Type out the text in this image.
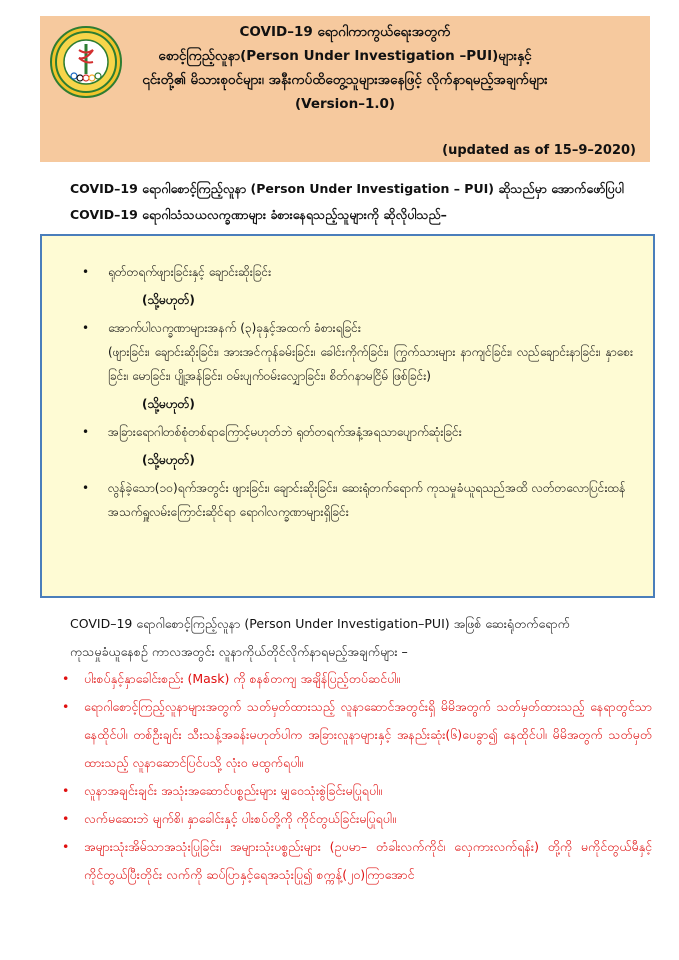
COVID–19 ရောဂါကာကွယ်ရေးအတွက်
စောင့်ကြည့်လူနာ(Person Under Investigation –PUI)များနှင့်
၎င်းတို့၏ မိသားစုဝင်များ၊ အနီးကပ်ထိတွေ့သူများအနေဖြင့် လိုက်နာရမည့်အချက်များ
(Version–1.0)
(updated as of 15–9–2020)
COVID–19 ရောဂါစောင့်ကြည့်လူနာ (Person Under Investigation – PUI) ဆိုသည်မှာ အောက်ဖော်ပြပါ
COVID–19 ရောဂါသံသယလက္ခဏာများ ခံစားနေရသည့်သူများကို ဆိုလိုပါသည်–
• ရုတ်တရက်ဖျားခြင်းနှင့် ချောင်းဆိုးခြင်း
(သို့မဟုတ်)
• အောက်ပါလက္ခဏာများအနက် (၃)ခုနှင့်အထက် ခံစားရခြင်း
(ဖျားခြင်း၊ ချောင်းဆိုးခြင်း၊ အားအင်ကုန်ခမ်းခြင်း၊ ခေါင်းကိုက်ခြင်း၊ ကြွက်သားများ နာကျင်ခြင်း၊ လည်ချောင်းနာခြင်း၊ နှာစေးခြင်း၊ မောခြင်း၊ ပျို့အန်ခြင်း၊ ဝမ်းပျက်ဝမ်းလျှောခြင်း၊ စိတ်ဂနာမငြိမ် ဖြစ်ခြင်း)
(သို့မဟုတ်)
• အခြားရောဂါတစ်စုံတစ်ရာကြောင့်မဟုတ်ဘဲ ရုတ်တရက်အနံ့အရသာပျောက်ဆုံးခြင်း
(သို့မဟုတ်)
• လွန်ခဲ့သော(၁၀)ရက်အတွင်း ဖျားခြင်း၊ ချောင်းဆိုးခြင်း၊ ဆေးရုံတက်ရောက် ကုသမှုခံယူရသည်အထိ လတ်တလောပြင်းထန်အသက်ရှူလမ်းကြောင်းဆိုင်ရာ ရောဂါလက္ခဏာများရှိခြင်း
COVID–19 ရောဂါစောင့်ကြည့်လူနာ (Person Under Investigation–PUI) အဖြစ် ဆေးရုံတက်ရောက်
ကုသမှုခံယူနေစဉ် ကာလအတွင်း လူနာကိုယ်တိုင်လိုက်နာရမည့်အချက်များ –
• ပါးစပ်နှင့်နှာခေါင်းစည်း (Mask) ကို စနစ်တကျ အချိန်ပြည့်တပ်ဆင်ပါ။
• ရောဂါစောင့်ကြည့်လူနာများအတွက် သတ်မှတ်ထားသည့် လူနာဆောင်အတွင်းရှိ မိမိအတွက် သတ်မှတ်ထားသည့် နေရာတွင်သာနေထိုင်ပါ၊ တစ်ဦးချင်း သီးသန့်အခန်းမဟုတ်ပါက အခြားလူနာများနှင့် အနည်းဆုံး(၆)ပေခွာ၍ နေထိုင်ပါ၊ မိမိအတွက် သတ်မှတ်ထားသည့် လူနာဆောင်ပြင်ပသို့ လုံးဝ မထွက်ရပါ။
• လူနာအချင်းချင်း အသုံးအဆောင်ပစ္စည်းများ မျှဝေသုံးစွဲခြင်းမပြုရပါ။
• လက်မဆေးဘဲ မျက်စိ၊ နှာခေါင်းနှင့် ပါးစပ်တို့ကို ကိုင်တွယ်ခြင်းမပြုရပါ။
• အများသုံးအိမ်သာအသုံးပြုခြင်း၊ အများသုံးပစ္စည်းများ (ဥပမာ– တံခါးလက်ကိုင်၊ လှေကားလက်ရန်း) တို့ကို မကိုင်တွယ်မီနှင့် ကိုင်တွယ်ပြီးတိုင်း လက်ကို ဆပ်ပြာနှင့်ရေအသုံးပြု၍ စက္ကန့်(၂၀)ကြာအောင်
